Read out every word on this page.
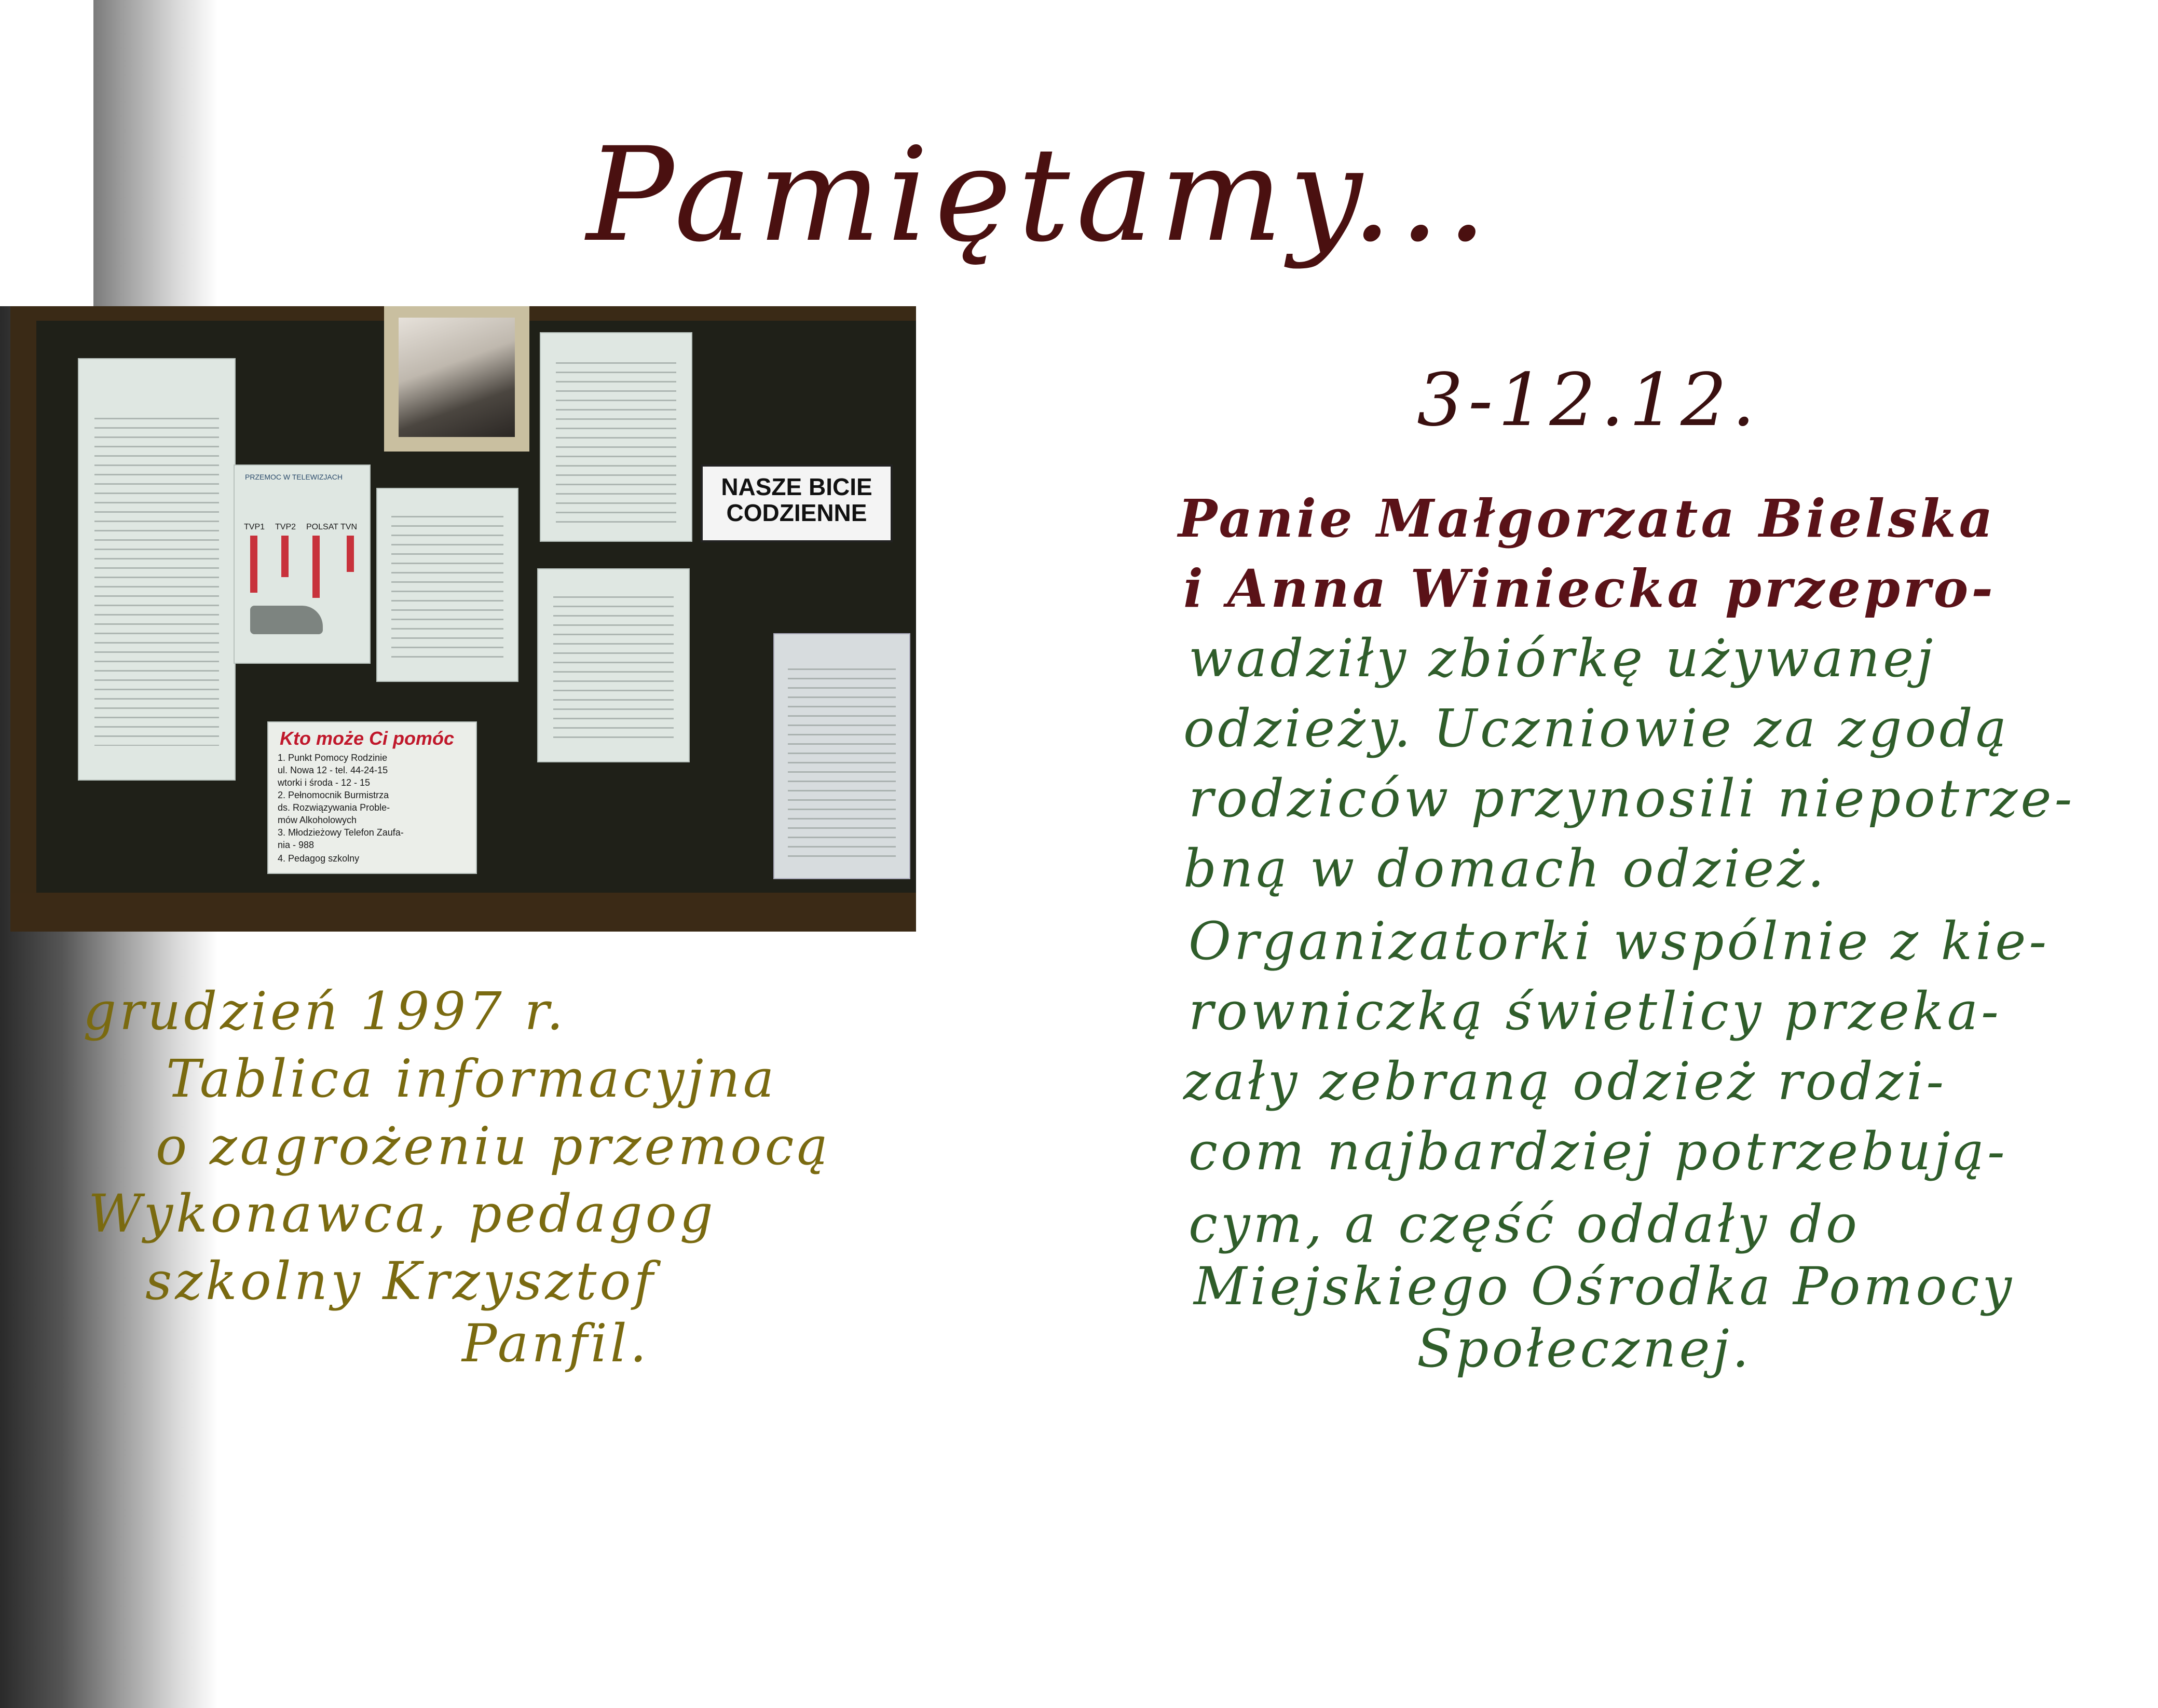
Pamiętamy...

3-12.12.

PRZEMOC W TELEWIZJACH
TVP1 TVP2 POLSAT TVN
NASZE BICIE
CODZIENNE
Kto może Ci pomóc
1. Punkt Pomocy Rodzinie
ul. Nowa 12 - tel. 44-24-15
wtorki i środa - 12 - 15
2. Pełnomocnik Burmistrza
ds. Rozwiązywania Proble-
mów Alkoholowych
3. Młodzieżowy Telefon Zaufa-
nia - 988
4. Pedagog szkolny

grudzień 1997 r.

Tablica informacyjna

o zagrożeniu przemocą

Wykonawca, pedagog

szkolny Krzysztof

Panfil.

Panie Małgorzata Bielska

i Anna Winiecka przepro-

wadziły zbiórkę używanej

odzieży. Uczniowie za zgodą

rodziców przynosili niepotrze-

bną w domach odzież.

Organizatorki wspólnie z kie-

rowniczką świetlicy przeka-

zały zebraną odzież rodzi-

com najbardziej potrzebują-

cym, a część oddały do

Miejskiego Ośrodka Pomocy

Społecznej.
